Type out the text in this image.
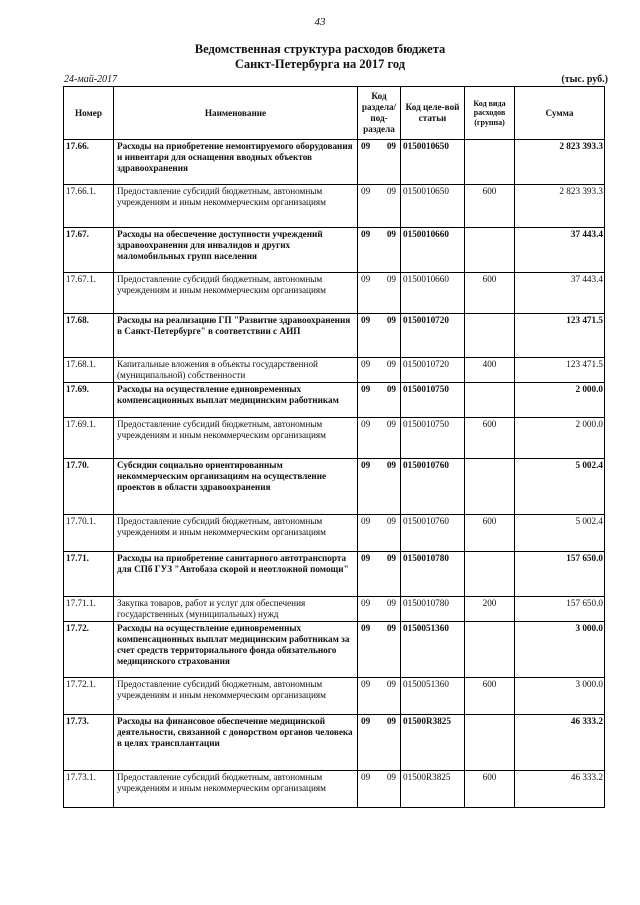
43
Ведомственная структура расходов бюджета
Санкт-Петербурга на 2017 год
24-май-2017	(тыс. руб.)
Номер	Наименование	Код раздела/ под-раздела	Код целе-вой статьи	Код вида расходов (группа)	Сумма
17.66.	Расходы на приобретение немонтируемого оборудования и инвентаря для оснащения вводных объектов здравоохранения	09 09	0150010650		2 823 393.3
17.66.1.	Предоставление субсидий бюджетным, автономным учреждениям и иным некоммерческим организациям	09 09	0150010650	600	2 823 393.3
17.67.	Расходы на обеспечение доступности учреждений здравоохранения для инвалидов и других маломобильных групп населения	09 09	0150010660		37 443.4
17.67.1.	Предоставление субсидий бюджетным, автономным учреждениям и иным некоммерческим организациям	09 09	0150010660	600	37 443.4
17.68.	Расходы на реализацию ГП "Развитие здравоохранения в Санкт-Петербурге" в соответствии с АИП	09 09	0150010720		123 471.5
17.68.1.	Капитальные вложения в объекты государственной (муниципальной) собственности	09 09	0150010720	400	123 471.5
17.69.	Расходы на осуществление единовременных компенсационных выплат медицинским работникам	09 09	0150010750		2 000.0
17.69.1.	Предоставление субсидий бюджетным, автономным учреждениям и иным некоммерческим организациям	09 09	0150010750	600	2 000.0
17.70.	Субсидии социально ориентированным некоммерческим организациям на осуществление проектов в области здравоохранения	09 09	0150010760		5 002.4
17.70.1.	Предоставление субсидий бюджетным, автономным учреждениям и иным некоммерческим организациям	09 09	0150010760	600	5 002.4
17.71.	Расходы на приобретение санитарного автотранспорта для СПб ГУЗ "Автобаза скорой и неотложной помощи"	09 09	0150010780		157 650.0
17.71.1.	Закупка товаров, работ и услуг для обеспечения государственных (муниципальных) нужд	09 09	0150010780	200	157 650.0
17.72.	Расходы на осуществление единовременных компенсационных выплат медицинским работникам за счет средств территориального фонда обязательного медицинского страхования	09 09	0150051360		3 000.0
17.72.1.	Предоставление субсидий бюджетным, автономным учреждениям и иным некоммерческим организациям	09 09	0150051360	600	3 000.0
17.73.	Расходы на финансовое обеспечение медицинской деятельности, связанной с донорством органов человека в целях трансплантации	09 09	01500R3825		46 333.2
17.73.1.	Предоставление субсидий бюджетным, автономным учреждениям и иным некоммерческим организациям	09 09	01500R3825	600	46 333.2
